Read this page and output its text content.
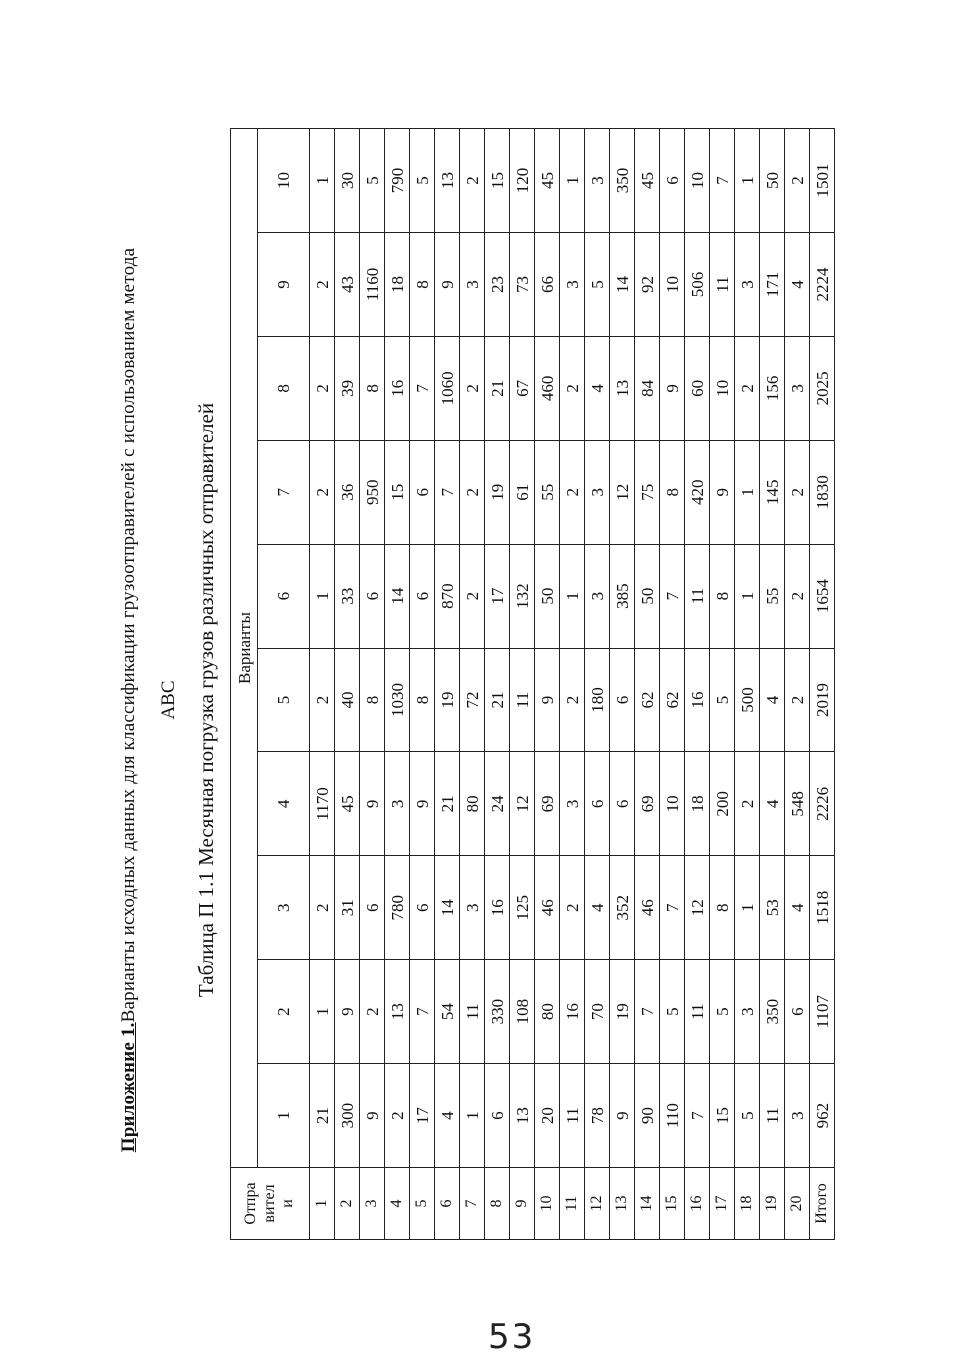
Приложение 1.Варианты исходных данных для классификации грузоотправителей с использованием метода ABC Таблица П 1.1 Месячная погрузка грузов различных отправителей
Отпра вител и	Варианты									
	1	2	3	4	5	6	7	8	9	10
1	21	1	2	1170	2	1	2	2	2	1
2	300	9	31	45	40	33	36	39	43	30
3	9	2	6	9	8	6	950	8	1160	5
4	2	13	780	3	1030	14	15	16	18	790
5	17	7	6	9	8	6	6	7	8	5
6	4	54	14	21	19	870	7	1060	9	13
7	1	11	3	80	72	2	2	2	3	2
8	6	330	16	24	21	17	19	21	23	15
9	13	108	125	12	11	132	61	67	73	120
10	20	80	46	69	9	50	55	460	66	45
11	11	16	2	3	2	1	2	2	3	1
12	78	70	4	6	180	3	3	4	5	3
13	9	19	352	6	6	385	12	13	14	350
14	90	7	46	69	62	50	75	84	92	45
15	110	5	7	10	62	7	8	9	10	6
16	7	11	12	18	16	11	420	60	506	10
17	15	5	8	200	5	8	9	10	11	7
18	5	3	1	2	500	1	1	2	3	1
19	11	350	53	4	4	55	145	156	171	50
20	3	6	4	548	2	2	2	3	4	2
Итого	962	1107	1518	2226	2019	1654	1830	2025	2224	1501
53
